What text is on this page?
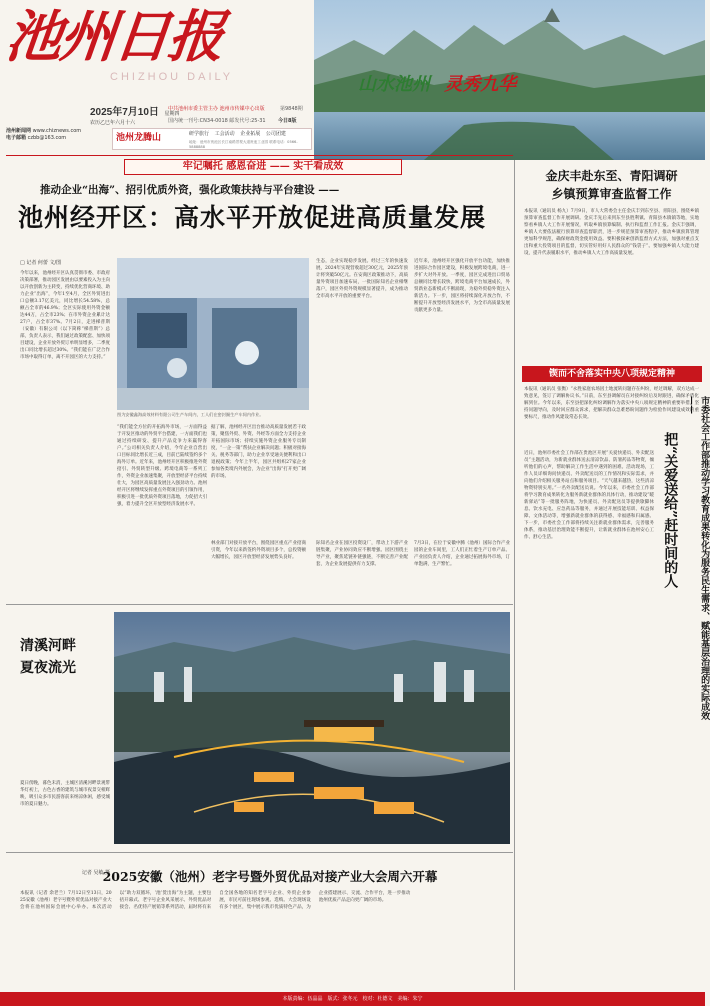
池州日报
CHIZHOU DAILY	山水池州 灵秀九华
2025年7月10日 星期四
农历乙巳年六月十六
中共池州市委主管主办 池州市传媒中心出版
国内统一刊号:CN34-0018 邮发代号:25-31
第9848期
今日8版
池州新闻网 www.chiznews.com
电子邮箱 czbb@163.com	池州龙腾山	研学旅行 工会活动 企业拓展 公司团建
地址：池州市贵池区长江南路景观大道贵池工业园 联系电话：0566-5888888
牢记嘱托 感恩奋进 —— 实干看成效
推动企业“出海”、招引优质外资，强化政策扶持与平台建设 ——
池州经开区：高水平开放促进高质量发展
□ 记者 何蕾 文/图
今年以来，池州经开区认真贯彻市委、市政府决策部署，推动园区发展由以要素投入为主向以开放创新为主转变，持续优化营商环境、助力企业“出海”，今年1至4月，全区外贸进出口总额3.17亿美元，同比增长54.58%，总额占全市的46.9%；全区实际使用外资金额达44万，占全市23%；在市外资企业累计达27户，占全市37%。7月2日，走进梯普斯（安徽）有限公司（以下简称“梯普斯”）总部，负责人表示，我们通过政策配套、加快项目建设，企业开放外贸订单明显增多，二季度出口同比增长超过30%。“我们能在广泛合作市场中取得订单，离不开园区的大力支持。”
图为安徽鑫海高效材料有限公司生产车间内，工人们在密封圈生产车间内作业。
“我们能全方位的开拓海外市场，一方面得益于开发区推动的外贸平台搭建，一方面我们也通过持续研发、提升产品竞争力来赢得客户。”公司相关负责人介绍，今年企业自营出口目标同比增长近三成，目前已陆续签约多个海外订单。近年来，池州经开区积极推进外资招引、外贸转型升级、跨境电商等一系列工作，外资企业加速集聚，开放型经济平台持续壮大，为园区高质量发展注入强劲动力。池州经开区将继续发挥重点外资项目的引领作用，积极引进一批优质外资项目落地，力促招大引强，着力提升全区开放型经济发展水平。
据了解，池州经开区出台推动高质量发展若干政策，聚焦外贸、外资、外经等方面全力支持企业开拓国际市场；持续实施外资企业服务专员制度，“一企一策”帮扶企业解决问题；积极对接海关、税务等部门，助力企业享受通关便利和出口退税政策；今年上半年，园区共组织27家企业参加各类境内外展会，为企业“出海”打开更广阔的市场。
生态，企业实现稳步发展。经过三年的快速发展，2024年实现营收超过30亿元，2025年预计将突破50亿元。在安商区政策推动下，高质量外资项目加速布局，一批国际知名企业相继落户，园区外贸外资规模显著提升，成为推动全市高水平开放的重要平台。
近年来，池州经开区强化开放平台功能，加快推进国际合作园区建设，积极发展跨境电商，进一步扩大对外开放。一季度，园区完成进出口贸易总额同比增长较快，跨境电商平台加速成长，外贸新业态新模式不断涌现，为稳外贸稳外资注入新活力。下一步，园区将持续深化开放合作，不断提升开放型经济发展水平，为全市高质量发展贡献更多力量。
清溪河畔
夏夜流光
夏日傍晚，暮色未消，主城区清溪河畔景观带华灯初上，古色古香的建筑与城市夜景交相辉映，吸引众多市民游客前来纳凉休闲，感受城市的夏日魅力。
记者 吴敏 摄
际知名企业在园区投资设厂，带动上下游产业链集聚，产业协同效应不断增强。园区围绕主导产业，聚焦延链补链强链，不断完善产业配套，为企业发展提供有力支撑。
7月3日，在位于安徽中腾（池州）国际合作产业园的企业车间里，工人们正忙着生产订单产品。产业园负责人介绍，企业通过拓展海外市场，订单饱满，生产繁忙。
林业部门对接开放平台，围绕园区重点产业招商引资，今年以来新签约外资项目多个，总投资额大幅增长，园区开放型经济发展势头良好。
2025安徽（池州）老字号暨外贸优品对接产业大会周六开幕
本报讯（记者 余老兰）7月12日至13日，2025安徽（池州）老字号暨外贸优品对接产业大会将在池州国际会展中心举办。本次活动以“助力双循环，‘池’货出海”为主题，主要包括开幕式、老字号企业风采展示、外贸优品对接会、名优特产展销等系列活动，届时将有来自全国各地的知名老字号企业、外贸企业参展，市民可前往现场参观、选购。大会现场设有多个展区，集中展示我市优质特色产品，为企业搭建展示、交流、合作平台，进一步推动池州优质产品走向更广阔的市场。
金庆丰赴东至、青阳调研
乡镇预算审查监督工作
本报讯（通讯员 杨九）7月9日，市人大常委会主任金庆丰到东至县、青阳县，围绕乡镇预算审查监督工作开展调研。金庆丰先后来到东至县胜利镇、青阳县木镇镇等地，实地察看乡镇人大工作开展情况，听取乡镇预算编制、执行和监督工作汇报。金庆丰强调，乡镇人大要依法履行预算审查监督职责，进一步规范预算审查程序，推动乡镇预算管理更加科学规范，确保财政资金使用效益。要积极探索创新监督方式方法，加强对重点支出和重大投资项目的监督，切实管好用好人民群众的“钱袋子”。要加强乡镇人大能力建设，提升代表履职水平，推动乡镇人大工作高质量发展。
锲而不舍落实中央八项规定精神
本报讯（通讯员 张衡）“永胜家庭农场因土地流转问题存在纠纷，经过调解，双方达成一致意见，签订了调解协议书。”日前，东至县调解员在对接纠纷后及时跟进，确保矛盾化解到位。今年以来，东至县把深化纠纷调解作为落实中央八项规定精神的重要举措，坚持问题导向，及时回应群众诉求，把解决群众急难愁盼问题作为检验作风建设成效的重要标尺，推动作风建设常态长效。	市委社会工作部推动学习教育成果转化为服务民生需求、赋能基层治理的实际成效——
把“关爱送给”赶时间的人
近日，池州市委社会工作部在贵池区开展“关爱快递员、外卖配送员”主题活动，为新就业群体送去清凉饮品、防暑药品等物资，倾听他们的心声，帮助解决工作生活中遇到的困难。活动现场，工作人员详细询问快递员、外卖配送员的工作情况和实际需求，并向他们介绍相关服务站点和服务项目。“天气越来越热，这些清凉物资特别实用。”一名外卖配送员说。今年以来，市委社会工作部将学习教育成果转化为服务新就业群体的具体行动，推动建设“暖新驿站”等一批服务阵地，为快递员、外卖配送员等提供歇脚休息、饮水充电、应急药品等服务，并通过开展技能培训、权益保障、文体活动等，增强新就业群体的获得感、幸福感和归属感。下一步，市委社会工作部将持续关注新就业群体需求，完善服务体系，推动基层治理效能不断提升，让新就业群体在池州安心工作、舒心生活。
本版责编：伍晶晶　版式：张冬元　校对：杜德文　美编：朱宁
